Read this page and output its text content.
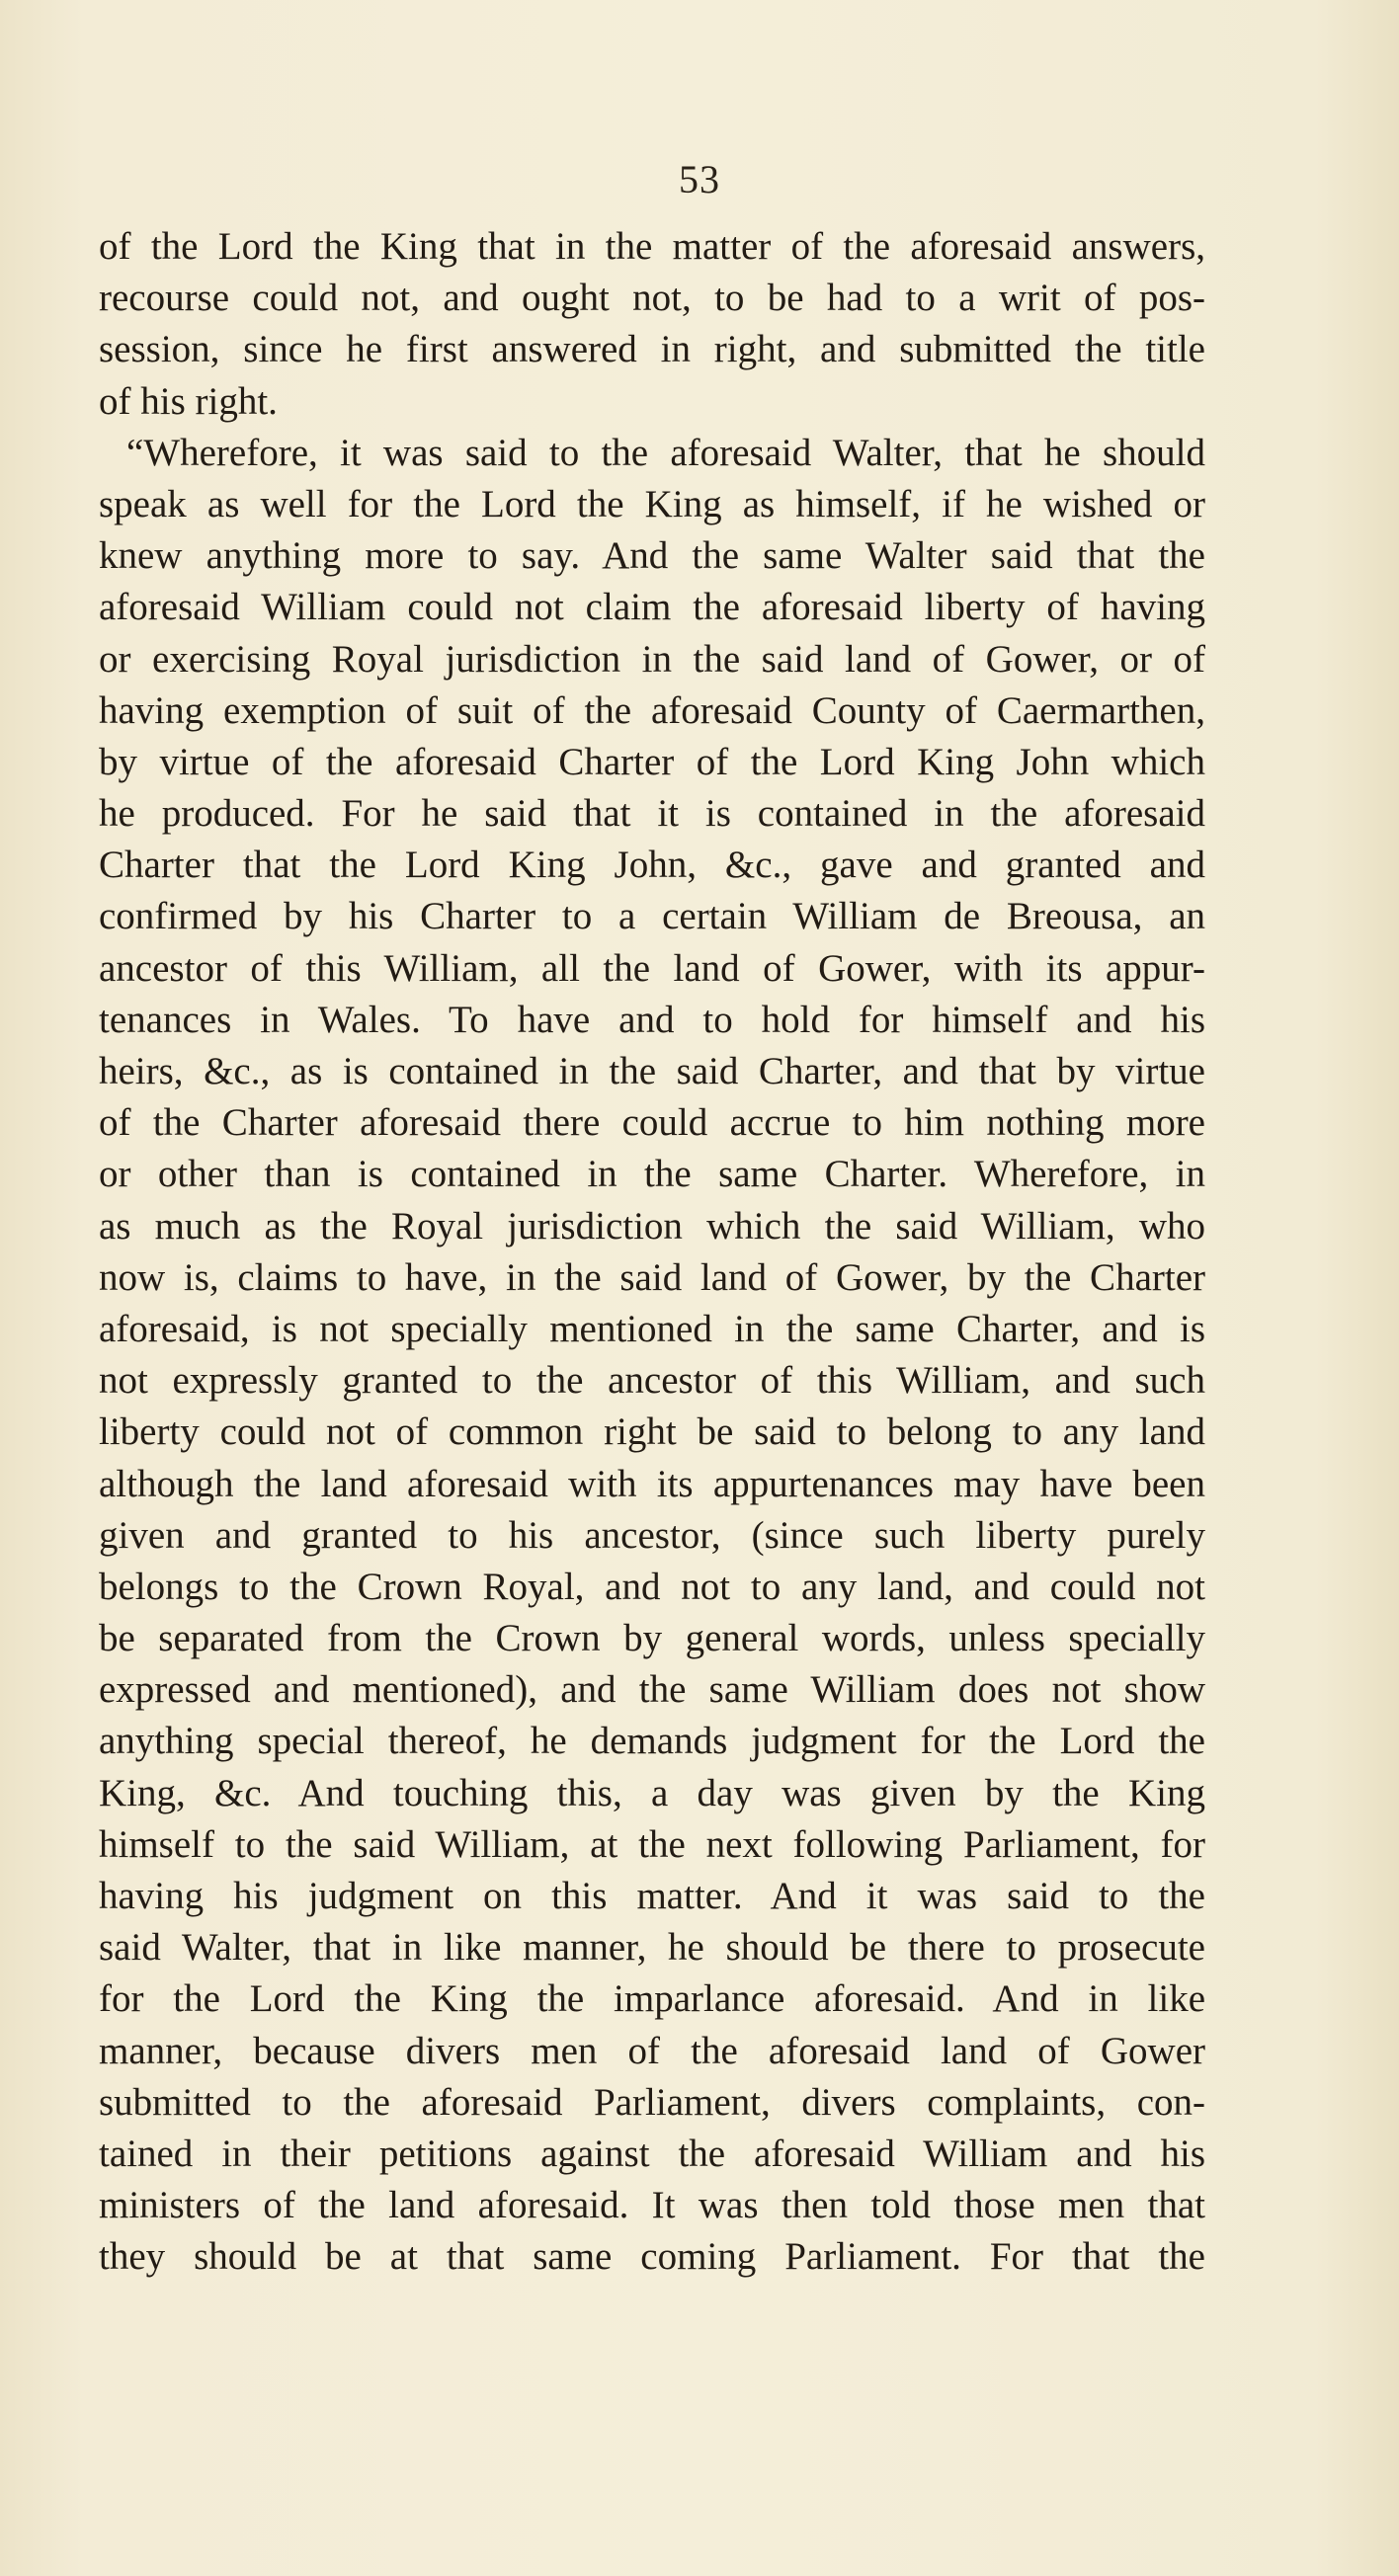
53
of the Lord the King that in the matter of the aforesaid answers,
recourse could not, and ought not, to be had to a writ of pos-
session, since he first answered in right, and submitted the title
of his right.
“Wherefore, it was said to the aforesaid Walter, that he should
speak as well for the Lord the King as himself, if he wished or
knew anything more to say. And the same Walter said that the
aforesaid William could not claim the aforesaid liberty of having
or exercising Royal jurisdiction in the said land of Gower, or of
having exemption of suit of the aforesaid County of Caermarthen,
by virtue of the aforesaid Charter of the Lord King John which
he produced. For he said that it is contained in the aforesaid
Charter that the Lord King John, &c., gave and granted and
confirmed by his Charter to a certain William de Breousa, an
ancestor of this William, all the land of Gower, with its appur-
tenances in Wales. To have and to hold for himself and his
heirs, &c., as is contained in the said Charter, and that by virtue
of the Charter aforesaid there could accrue to him nothing more
or other than is contained in the same Charter. Wherefore, in
as much as the Royal jurisdiction which the said William, who
now is, claims to have, in the said land of Gower, by the Charter
aforesaid, is not specially mentioned in the same Charter, and is
not expressly granted to the ancestor of this William, and such
liberty could not of common right be said to belong to any land
although the land aforesaid with its appurtenances may have been
given and granted to his ancestor, (since such liberty purely
belongs to the Crown Royal, and not to any land, and could not
be separated from the Crown by general words, unless specially
expressed and mentioned), and the same William does not show
anything special thereof, he demands judgment for the Lord the
King, &c. And touching this, a day was given by the King
himself to the said William, at the next following Parliament, for
having his judgment on this matter. And it was said to the
said Walter, that in like manner, he should be there to prosecute
for the Lord the King the imparlance aforesaid. And in like
manner, because divers men of the aforesaid land of Gower
submitted to the aforesaid Parliament, divers complaints, con-
tained in their petitions against the aforesaid William and his
ministers of the land aforesaid. It was then told those men that
they should be at that same coming Parliament. For that the
